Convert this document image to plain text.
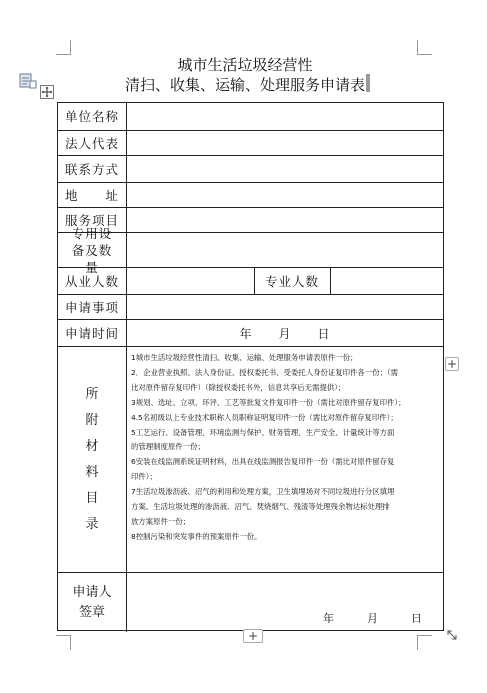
城市生活垃圾经营性
清扫、收集、运输、处理服务申请表
单位名称
法人代表
联系方式
地　　址
服务项目
专用设备及数量
从业人数	专业人数
申请事项
申请时间	年　　月　　日
所
附
材
料
目
录
1城市生活垃圾经营性清扫、收集、运输、处理服务申请表原件一份；
2．企业营业执照、法人身份证、授权委托书、受委托人身份证复印件各一份；（需
比对原件留存复印件）（除授权委托书外，信息共享后无需提供）；
3规划、选址、立项、环评、工艺等批复文件复印件一份（需比对原件留存复印件）；
4.5名初级以上专业技术职称人员职称证明复印件一份（需比对原件留存复印件）；
5工艺运行、设备管理、环境监测与保护、财务管理、生产安全、计量统计等方面
的管理制度原件一份；
6安装在线监测系统证明材料，出具在线监测报告复印件一份（需比对原件留存复
印件）；
7生活垃圾渗沥液、沼气的利用和处理方案，卫生填埋场对不同垃圾进行分区填埋
方案、生活垃圾处理的渗沥液、沼气、焚烧烟气、残渣等处理残余物达标处理排
放方案原件一份；
8控制污染和突发事件的预案原件一份。
申请人
签章	年　　　月　　　日
+
+
